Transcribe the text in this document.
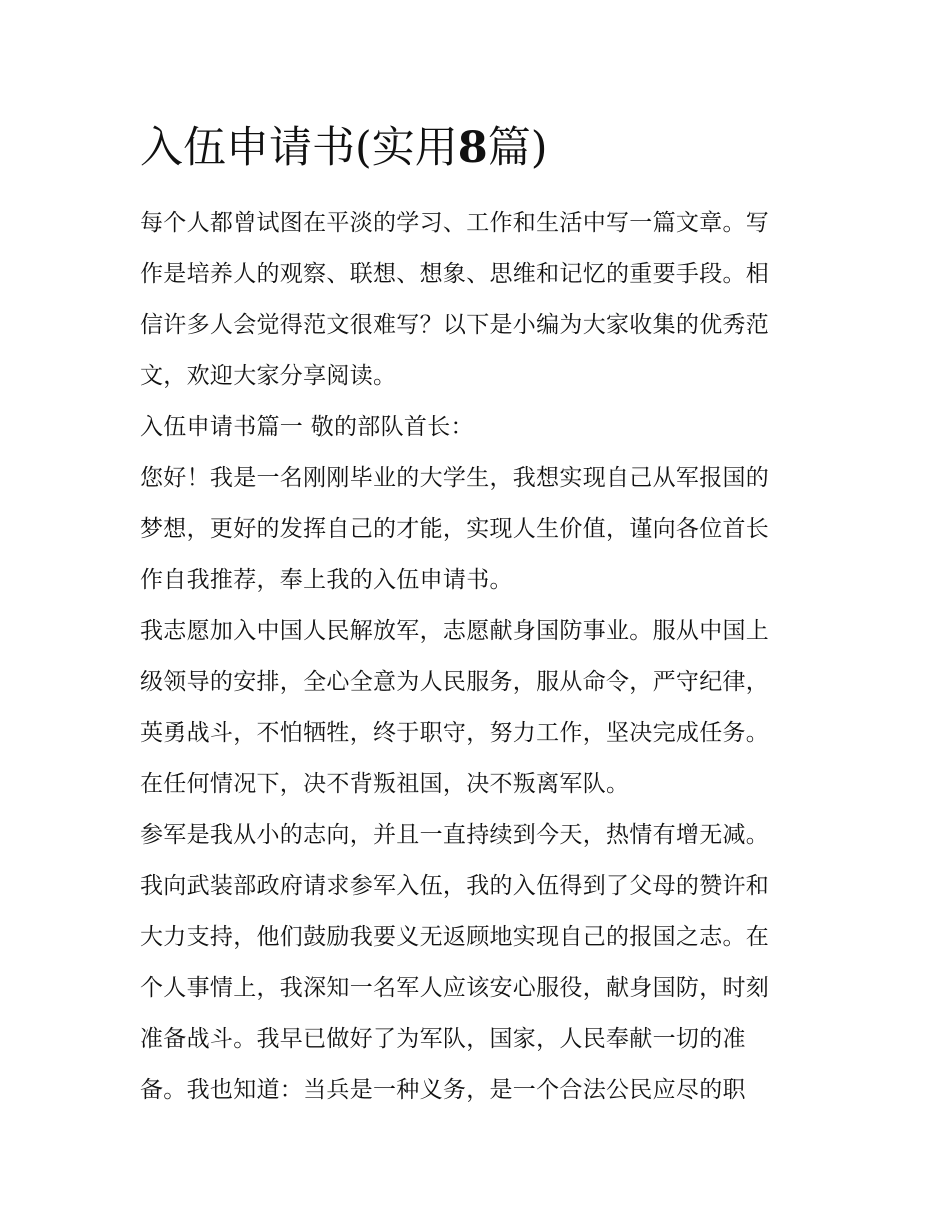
入伍申请书(实用8篇)
每个人都曾试图在平淡的学习、工作和生活中写一篇文章。写
作是培养人的观察、联想、想象、思维和记忆的重要手段。相
信许多人会觉得范文很难写？以下是小编为大家收集的优秀范
文，欢迎大家分享阅读。
入伍申请书篇一 敬的部队首长：
您好！我是一名刚刚毕业的大学生，我想实现自己从军报国的
梦想，更好的发挥自己的才能，实现人生价值，谨向各位首长
作自我推荐，奉上我的入伍申请书。
我志愿加入中国人民解放军，志愿献身国防事业。服从中国上
级领导的安排，全心全意为人民服务，服从命令，严守纪律，
英勇战斗，不怕牺牲，终于职守，努力工作，坚决完成任务。
在任何情况下，决不背叛祖国，决不叛离军队。
参军是我从小的志向，并且一直持续到今天，热情有增无减。
我向武装部政府请求参军入伍，我的入伍得到了父母的赞许和
大力支持，他们鼓励我要义无返顾地实现自己的报国之志。在
个人事情上，我深知一名军人应该安心服役，献身国防，时刻
准备战斗。我早已做好了为军队，国家，人民奉献一切的准
备。我也知道：当兵是一种义务，是一个合法公民应尽的职
